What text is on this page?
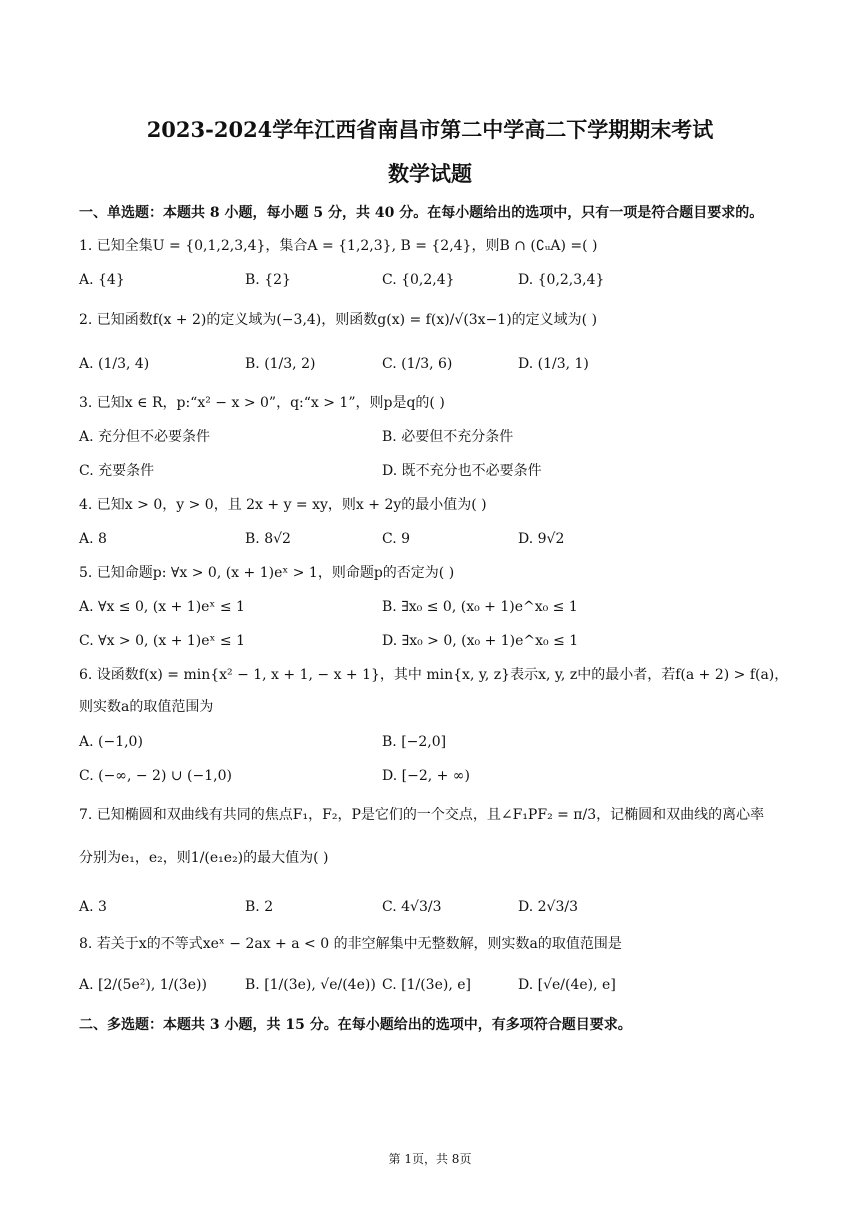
2023-2024学年江西省南昌市第二中学高二下学期期末考试
数学试题
一、单选题：本题共 8 小题，每小题 5 分，共 40 分。在每小题给出的选项中，只有一项是符合题目要求的。
1. 已知全集U = {0,1,2,3,4}，集合A = {1,2,3}, B = {2,4}，则B ∩ (∁ᵤA) =( )
A. {4}	B. {2}	C. {0,2,4}	D. {0,2,3,4}
2. 已知函数f(x + 2)的定义域为(−3,4)，则函数g(x) = f(x)/√(3x−1)的定义域为( )
A. (1/3, 4)	B. (1/3, 2)	C. (1/3, 6)	D. (1/3, 1)
3. 已知x ∈ R，p:“x² − x > 0”，q:“x > 1”，则p是q的( )
A. 充分但不必要条件	B. 必要但不充分条件
C. 充要条件	D. 既不充分也不必要条件
4. 已知x > 0，y > 0，且 2x + y = xy，则x + 2y的最小值为( )
A. 8	B. 8√2	C. 9	D. 9√2
5. 已知命题p: ∀x > 0, (x + 1)eˣ > 1，则命题p的否定为( )
A. ∀x ≤ 0, (x + 1)eˣ ≤ 1	B. ∃x₀ ≤ 0, (x₀ + 1)e^x₀ ≤ 1
C. ∀x > 0, (x + 1)eˣ ≤ 1	D. ∃x₀ > 0, (x₀ + 1)e^x₀ ≤ 1
6. 设函数f(x) = min{x² − 1, x + 1, − x + 1}，其中 min{x, y, z}表示x, y, z中的最小者，若f(a + 2) > f(a)，
则实数a的取值范围为
A. (−1,0)	B. [−2,0]
C. (−∞, − 2) ∪ (−1,0)	D. [−2, + ∞)
7. 已知椭圆和双曲线有共同的焦点F₁，F₂，P是它们的一个交点，且∠F₁PF₂ = π/3，记椭圆和双曲线的离心率
分别为e₁，e₂，则1/(e₁e₂)的最大值为( )
A. 3	B. 2	C. 4√3/3	D. 2√3/3
8. 若关于x的不等式xeˣ − 2ax + a < 0 的非空解集中无整数解，则实数a的取值范围是
A. [2/(5e²), 1/(3e))	B. [1/(3e), √e/(4e)) C. [1/(3e), e]	D. [√e/(4e), e]
二、多选题：本题共 3 小题，共 15 分。在每小题给出的选项中，有多项符合题目要求。
第 1页，共 8页
